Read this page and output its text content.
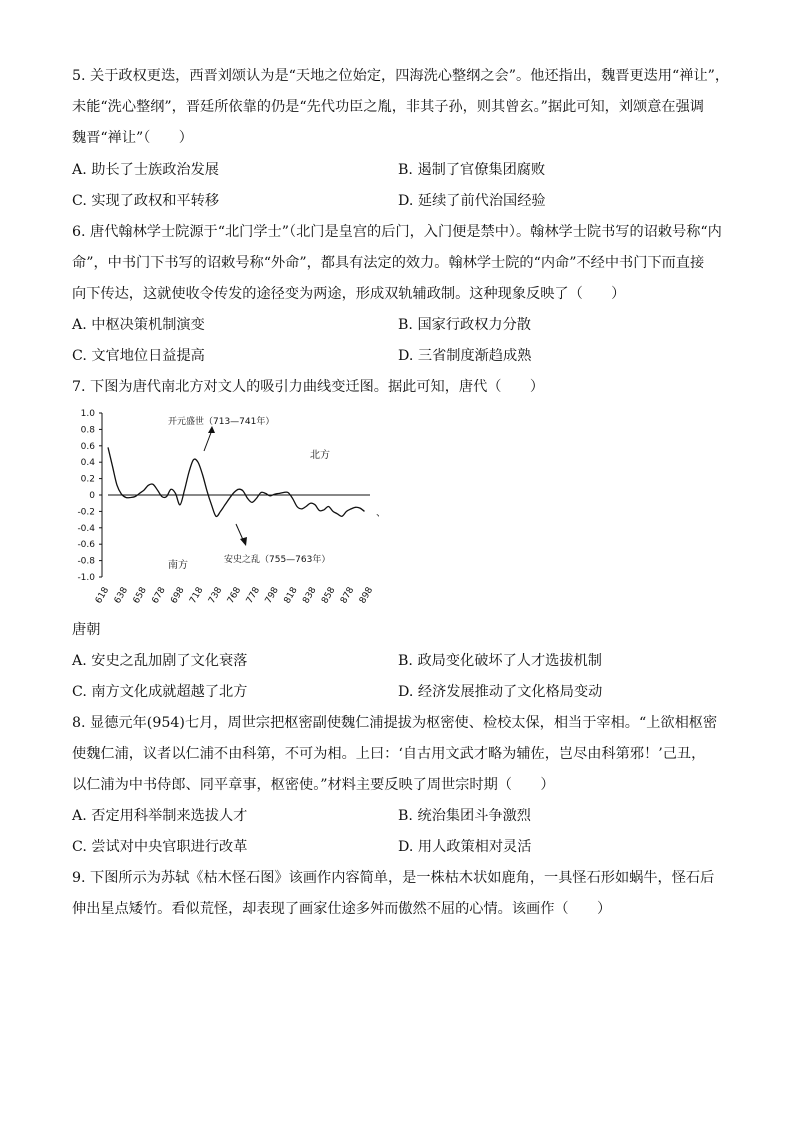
5. 关于政权更迭，西晋刘颂认为是“天地之位始定，四海洗心整纲之会”。他还指出，魏晋更迭用“禅让”，
未能“洗心整纲”，晋廷所依靠的仍是“先代功臣之胤，非其子孙，则其曾玄。”据此可知，刘颂意在强调
魏晋“禅让”（　　）
A. 助长了士族政治发展	B. 遏制了官僚集团腐败
C. 实现了政权和平转移	D. 延续了前代治国经验
6. 唐代翰林学士院源于“北门学士”（北门是皇宫的后门，入门便是禁中）。翰林学士院书写的诏敕号称“内
命”，中书门下书写的诏敕号称“外命”，都具有法定的效力。翰林学士院的“内命”不经中书门下而直接
向下传达，这就使收令传发的途径变为两途，形成双轨辅政制。这种现象反映了（　　）
A. 中枢决策机制演变	B. 国家行政权力分散
C. 文官地位日益提高	D. 三省制度渐趋成熟
7. 下图为唐代南北方对文人的吸引力曲线变迁图。据此可知，唐代（　　）
1.0
0.8
0.6
0.4
0.2
0
-0.2
-0.4
-0.6
-0.8
-1.0
618 638 658 678 698 718 738 768 778 798 818 838 858 878 898
开元盛世（713—741年）
北方
安史之乱（755—763年）
南方
、
唐朝
A. 安史之乱加剧了文化衰落	B. 政局变化破坏了人才选拔机制
C. 南方文化成就超越了北方	D. 经济发展推动了文化格局变动
8. 显德元年(954)七月，周世宗把枢密副使魏仁浦提拔为枢密使、检校太保，相当于宰相。“上欲相枢密
使魏仁浦，议者以仁浦不由科第，不可为相。上曰：‘自古用文武才略为辅佐，岂尽由科第邪！’己丑，
以仁浦为中书侍郎、同平章事，枢密使。”材料主要反映了周世宗时期（　　）
A. 否定用科举制来选拔人才	B. 统治集团斗争激烈
C. 尝试对中央官职进行改革	D. 用人政策相对灵活
9. 下图所示为苏轼《枯木怪石图》该画作内容简单，是一株枯木状如鹿角，一具怪石形如蜗牛，怪石后
伸出星点矮竹。看似荒怪，却表现了画家仕途多舛而傲然不屈的心情。该画作（　　）
